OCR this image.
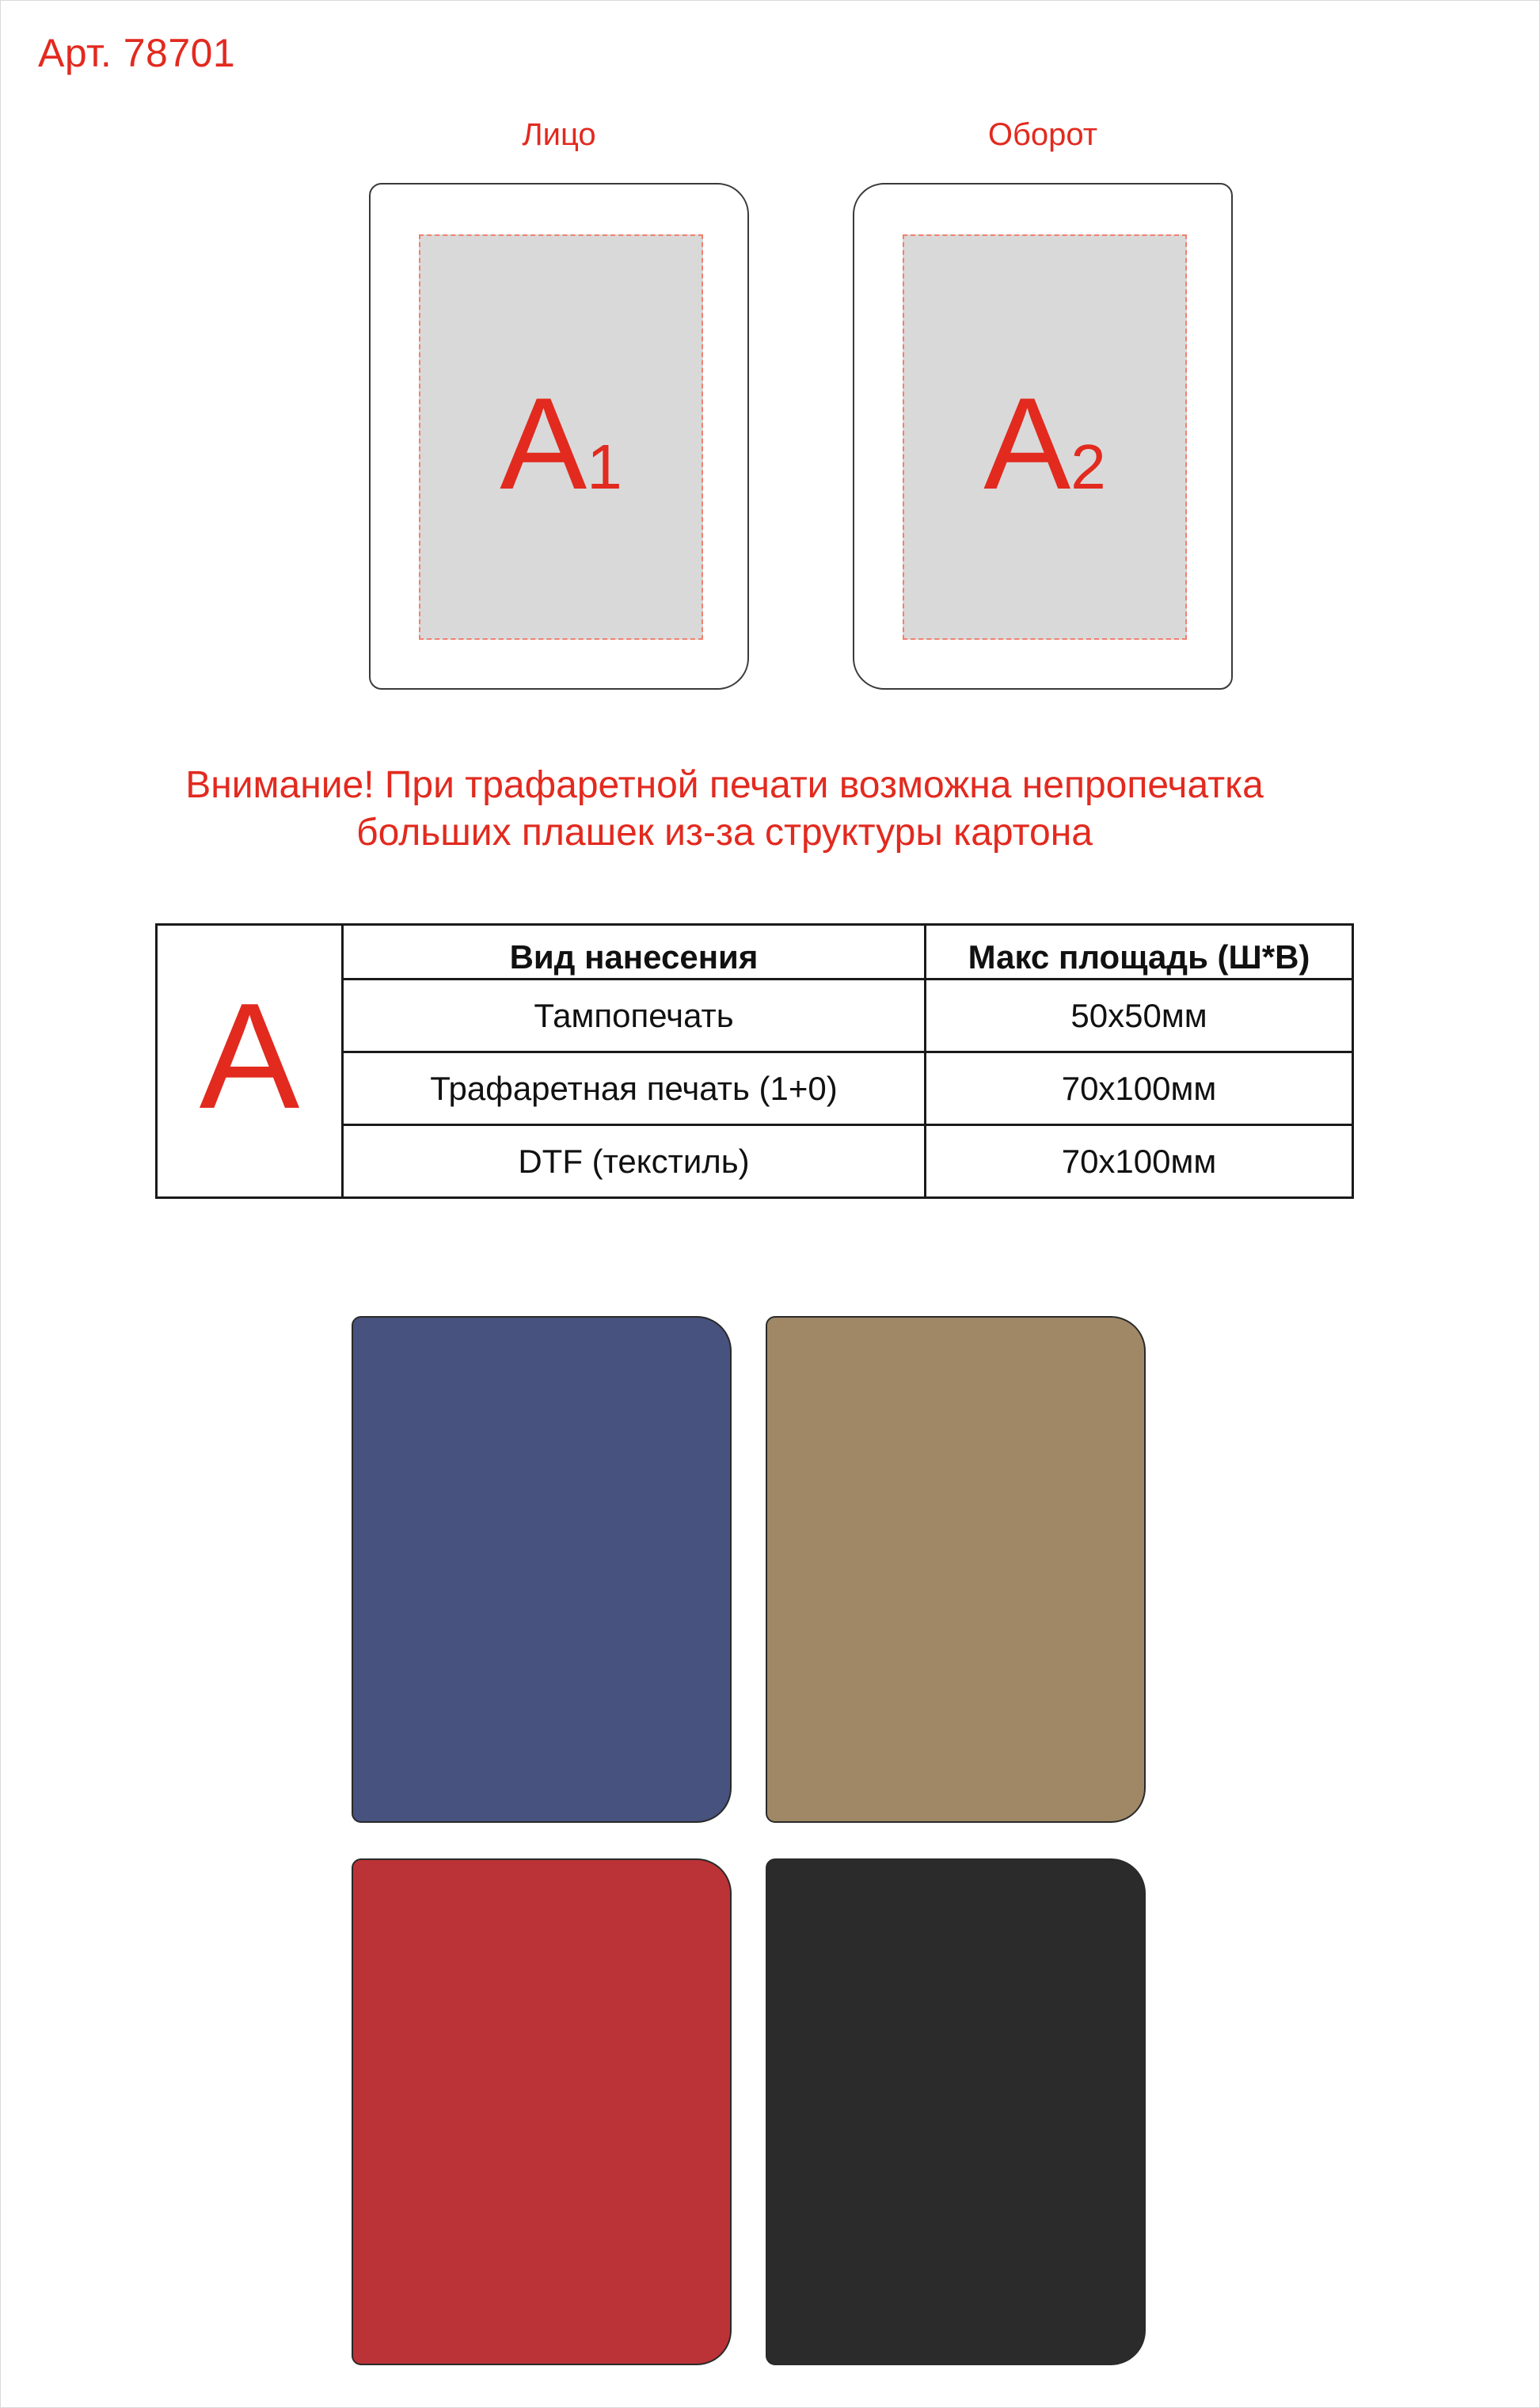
Арт. 78701
Лицо	Оборот
A1	A2
Внимание! При трафаретной печати возможна непропечатка
больших плашек из-за структуры картона
A	Вид нанесения	Макс площадь (Ш*В)
	Тампопечать	50x50мм
	Трафаретная печать (1+0)	70x100мм
	DTF (текстиль)	70x100мм
